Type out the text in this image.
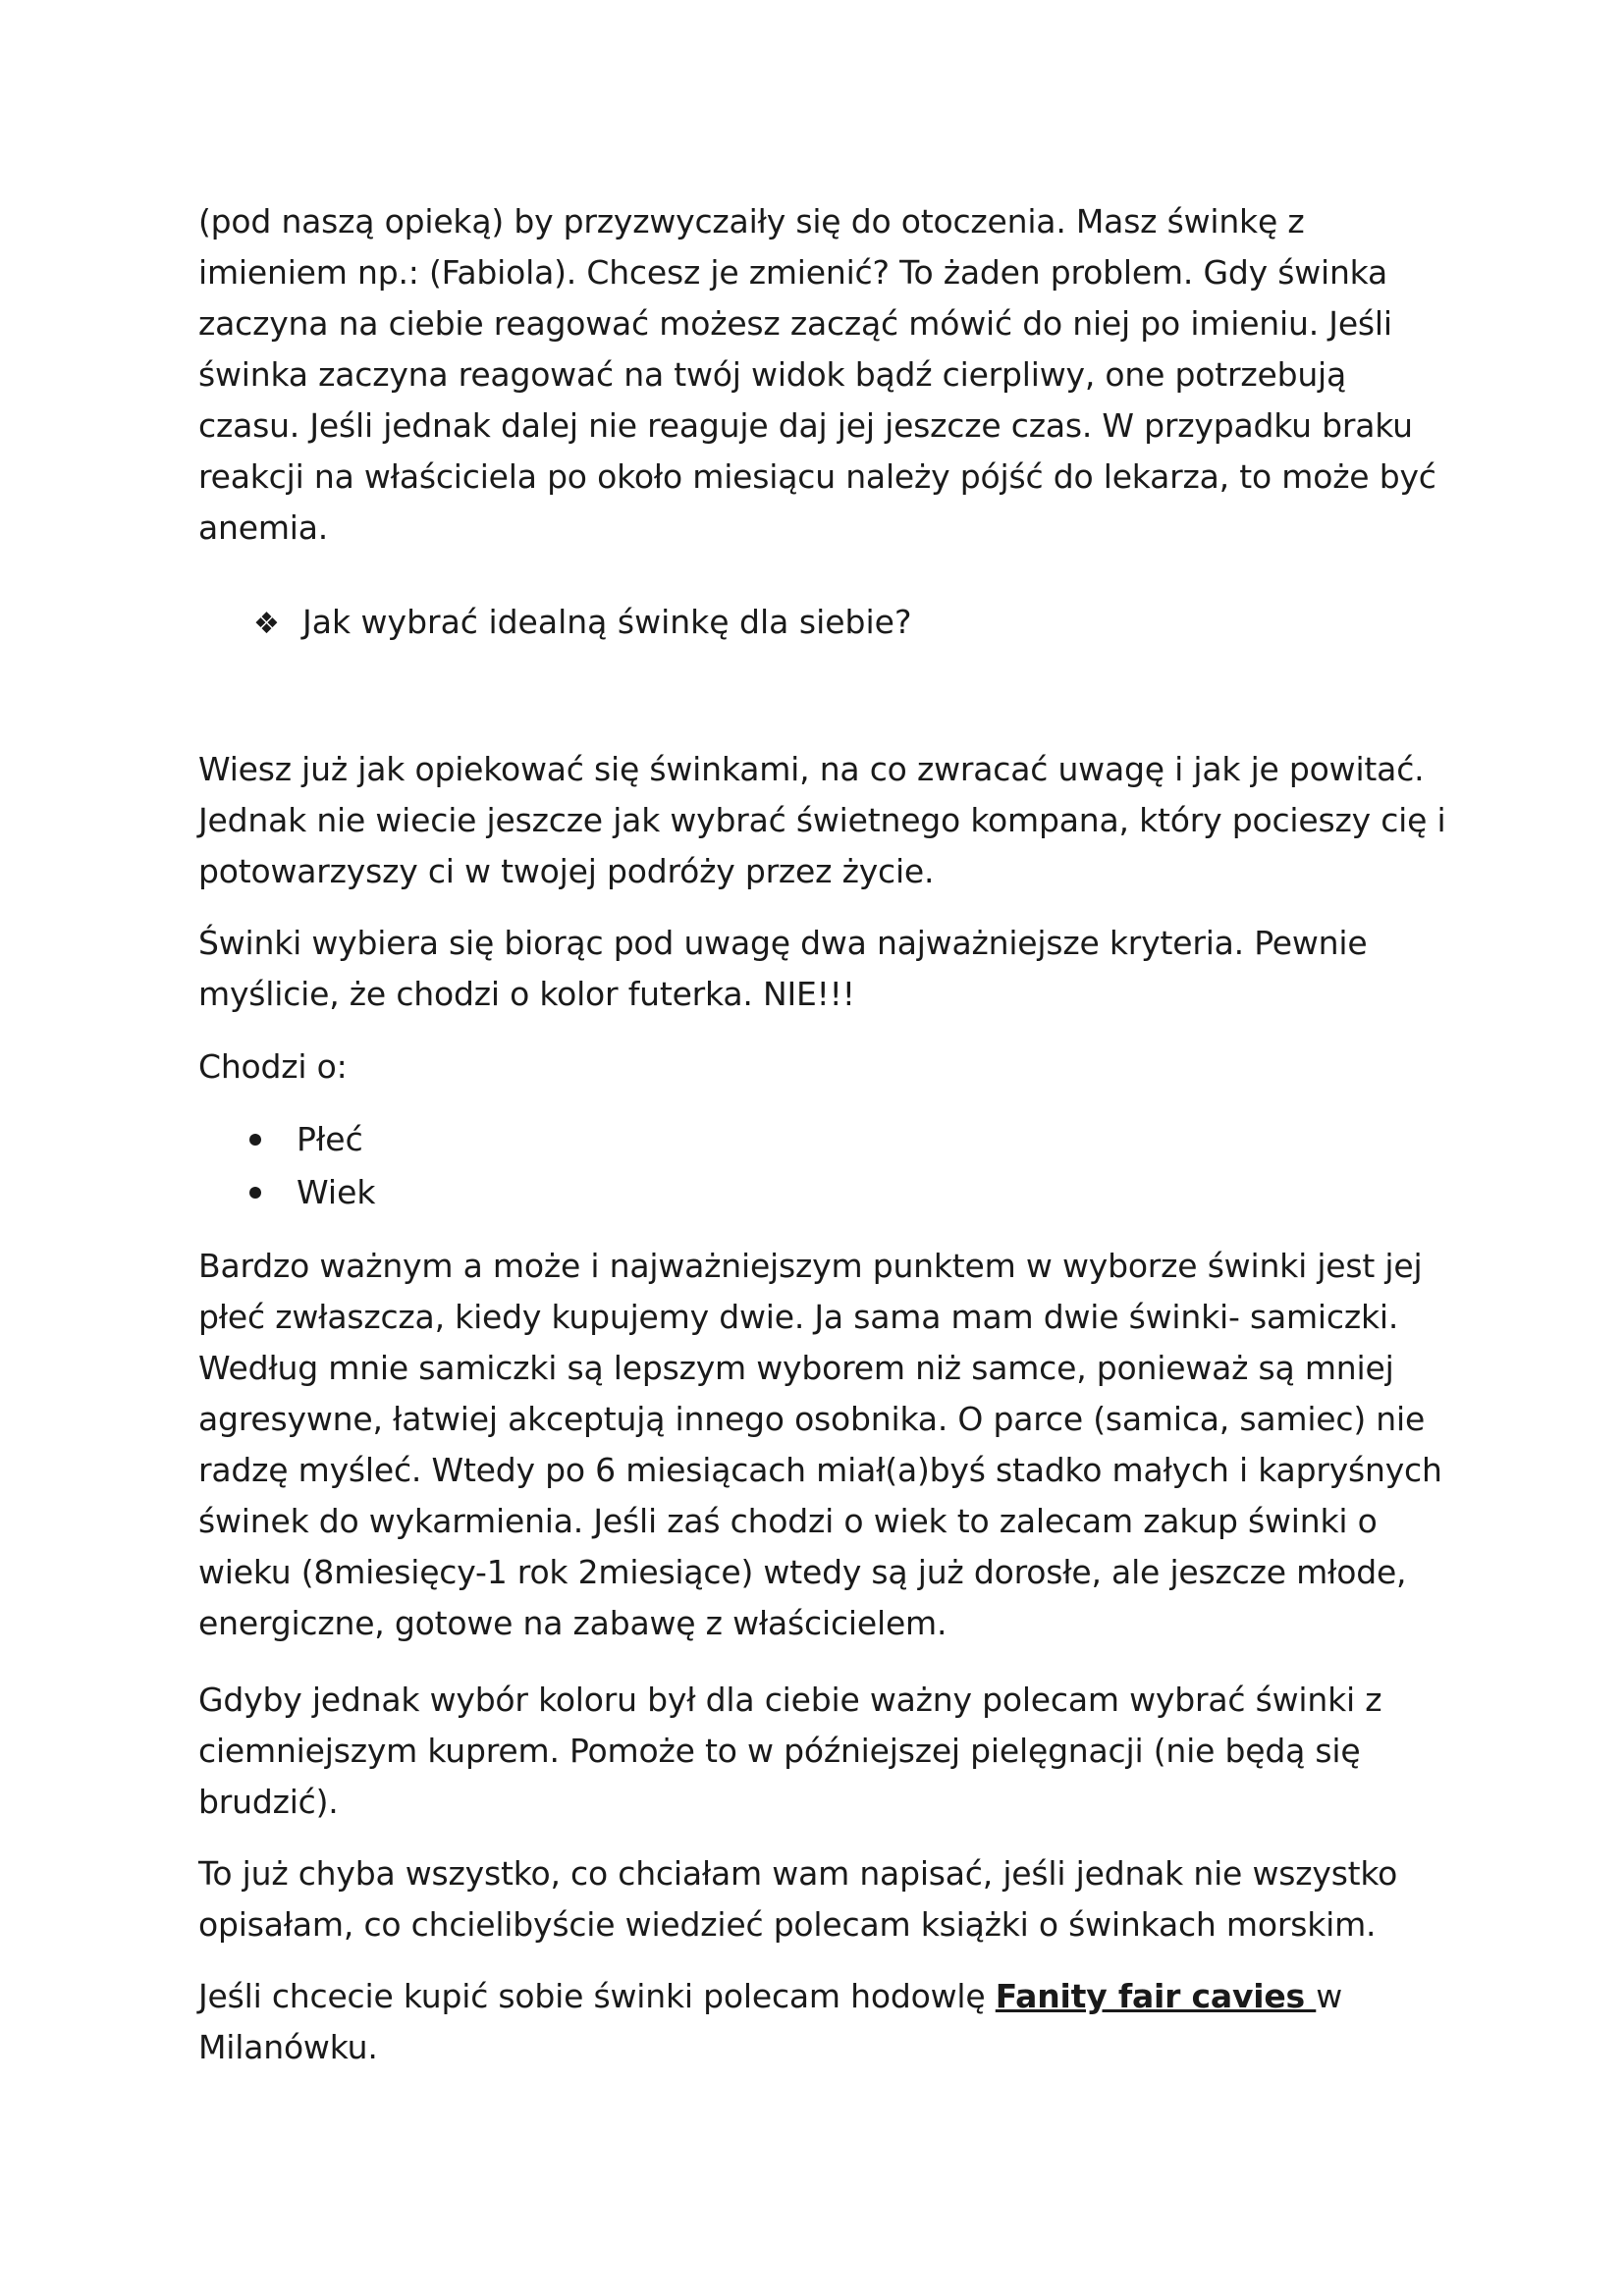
(pod naszą opieką) by przyzwyczaiły się do otoczenia. Masz świnkę z imieniem np.: (Fabiola). Chcesz je zmienić? To żaden problem. Gdy świnka zaczyna na ciebie reagować możesz zacząć mówić do niej po imieniu. Jeśli świnka zaczyna reagować na twój widok bądź cierpliwy, one potrzebują czasu. Jeśli jednak dalej nie reaguje daj jej jeszcze czas. W przypadku braku reakcji na właściciela po około miesiącu należy pójść do lekarza, to może być anemia.

❖ Jak wybrać idealną świnkę dla siebie?

Wiesz już jak opiekować się świnkami, na co zwracać uwagę i jak je powitać. Jednak nie wiecie jeszcze jak wybrać świetnego kompana, który pocieszy cię i potowarzyszy ci w twojej podróży przez życie.

Świnki wybiera się biorąc pod uwagę dwa najważniejsze kryteria. Pewnie myślicie, że chodzi o kolor futerka. NIE!!!

Chodzi o:

Płeć
Wiek

Bardzo ważnym a może i najważniejszym punktem w wyborze świnki jest jej płeć zwłaszcza, kiedy kupujemy dwie. Ja sama mam dwie świnki- samiczki. Według mnie samiczki są lepszym wyborem niż samce, ponieważ są mniej agresywne, łatwiej akceptują innego osobnika. O parce (samica, samiec) nie radzę myśleć. Wtedy po 6 miesiącach miał(a)byś stadko małych i kapryśnych świnek do wykarmienia. Jeśli zaś chodzi o wiek to zalecam zakup świnki o wieku (8miesięcy-1 rok 2miesiące) wtedy są już dorosłe, ale jeszcze młode, energiczne, gotowe na zabawę z właścicielem.

Gdyby jednak wybór koloru był dla ciebie ważny polecam wybrać świnki z ciemniejszym kuprem. Pomoże to w późniejszej pielęgnacji (nie będą się brudzić).

To już chyba wszystko, co chciałam wam napisać, jeśli jednak nie wszystko opisałam, co chcielibyście wiedzieć polecam książki o świnkach morskim.

Jeśli chcecie kupić sobie świnki polecam hodowlę Fanity fair cavies w Milanówku.
